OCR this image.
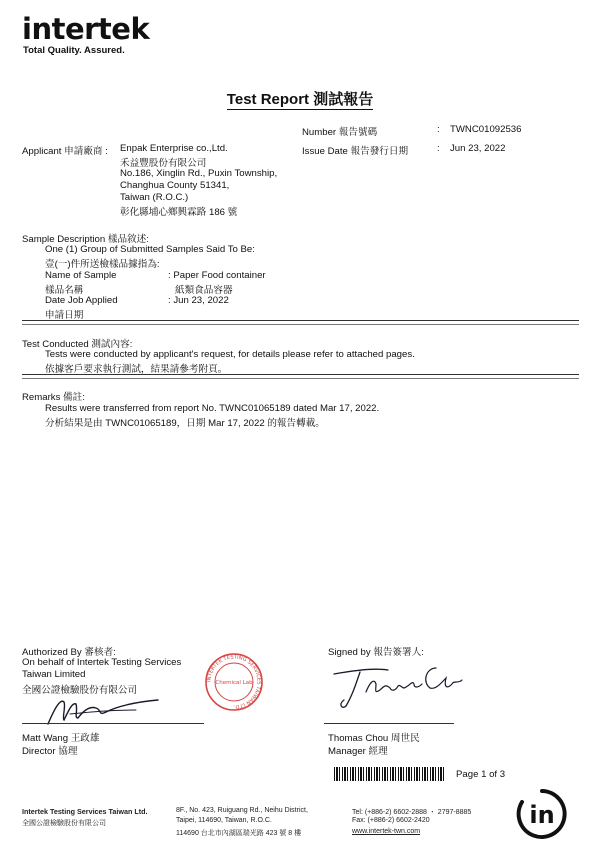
intertek
Total Quality. Assured.
Test Report 測試報告
Number 報告號碼	: TWNC01092536
Issue Date 報告發行日期	: Jun 23, 2022
Applicant 申請廠商 : Enpak Enterprise co.,Ltd.
禾益豐股份有限公司
No.186, Xinglin Rd., Puxin Township,
Changhua County 51341,
Taiwan (R.O.C.)
彰化縣埔心鄉興霖路 186 號
Sample Description 樣品敘述:
One (1) Group of Submitted Samples Said To Be:
壹(一)件所送檢樣品據指為:
Name of Sample	: Paper Food container
樣品名稱	紙類食品容器
Date Job Applied	: Jun 23, 2022
申請日期
Test Conducted 測試內容:
Tests were conducted by applicant's request, for details please refer to attached pages.
依據客戶要求執行測試，結果請參考附頁。
Remarks 備註:
Results were transferred from report No. TWNC01065189 dated Mar 17, 2022.
分析結果是由 TWNC01065189，日期 Mar 17, 2022 的報告轉載。
Authorized By 審核者:
On behalf of Intertek Testing Services
Taiwan Limited
全國公證檢驗股份有限公司
INTERTEK TESTING SERVICES TAIWAN LTD.
Chemical Lab
Matt Wang 王政雄
Director 協理
Signed by 報告簽署人:
Thomas Chou 周世民
Manager 經理
Page 1 of 3
Intertek Testing Services Taiwan Ltd.
全國公證檢驗股份有限公司
8F., No. 423, Ruiguang Rd., Neihu District,
Taipei, 114690, Taiwan, R.O.C.
114690 台北市內湖區瑞光路 423 號 8 樓
Tel: (+886-2) 6602-2888 ・ 2797-8885
Fax: (+886-2) 6602-2420
www.intertek-twn.com
in
